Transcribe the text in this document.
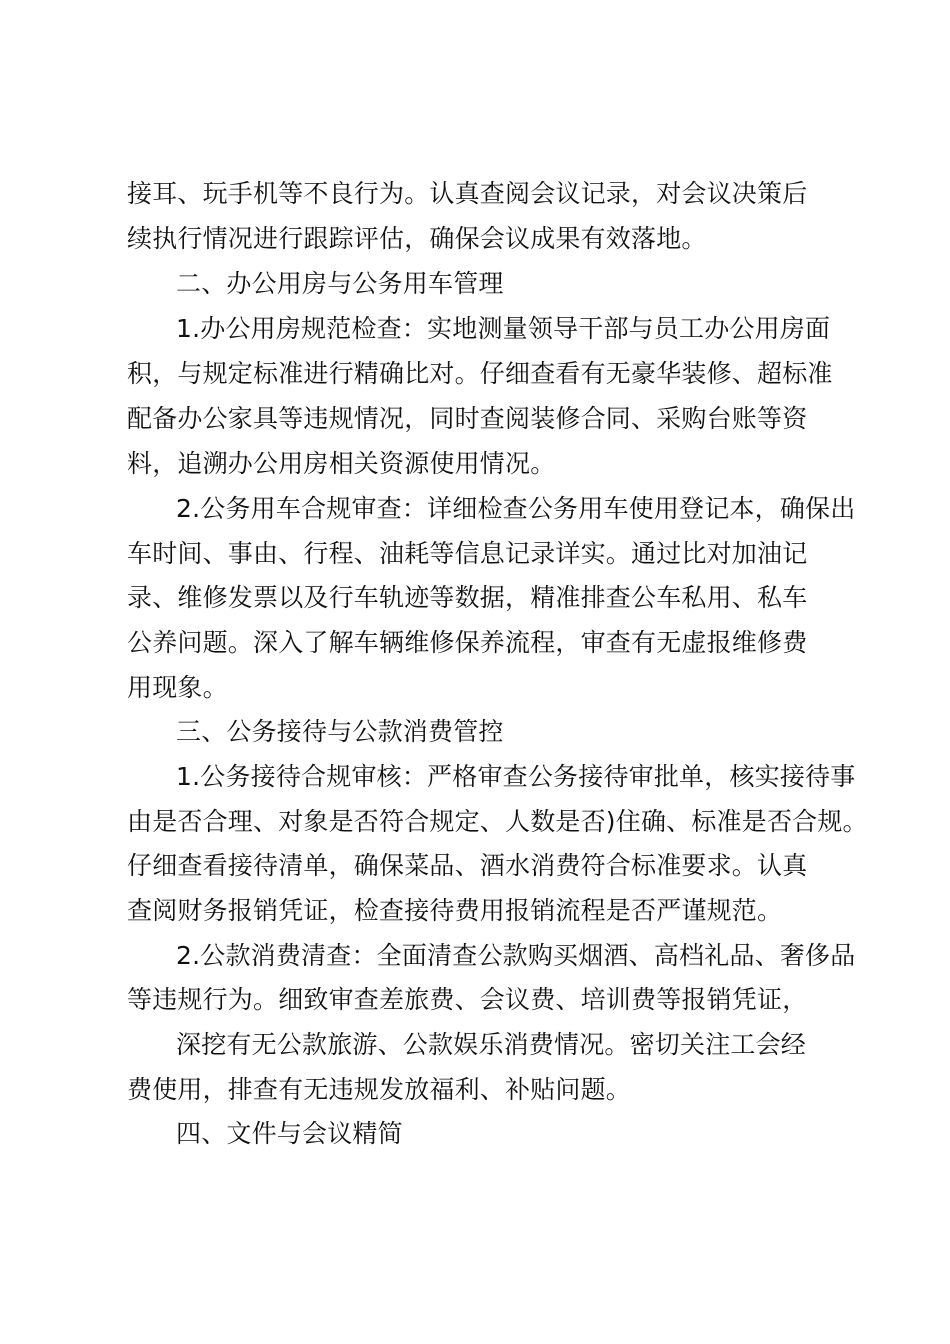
接耳、玩手机等不良行为。认真查阅会议记录，对会议决策后
续执行情况进行跟踪评估，确保会议成果有效落地。
二、办公用房与公务用车管理
1.办公用房规范检查：实地测量领导干部与员工办公用房面
积，与规定标准进行精确比对。仔细查看有无豪华装修、超标准
配备办公家具等违规情况，同时查阅装修合同、采购台账等资
料，追溯办公用房相关资源使用情况。
2.公务用车合规审查：详细检查公务用车使用登记本，确保出
车时间、事由、行程、油耗等信息记录详实。通过比对加油记
录、维修发票以及行车轨迹等数据，精准排查公车私用、私车
公养问题。深入了解车辆维修保养流程，审查有无虚报维修费
用现象。
三、公务接待与公款消费管控
1.公务接待合规审核：严格审查公务接待审批单，核实接待事
由是否合理、对象是否符合规定、人数是否)住确、标准是否合规。
仔细查看接待清单，确保菜品、酒水消费符合标准要求。认真
查阅财务报销凭证，检查接待费用报销流程是否严谨规范。
2.公款消费清查：全面清查公款购买烟酒、高档礼品、奢侈品
等违规行为。细致审查差旅费、会议费、培训费等报销凭证，
深挖有无公款旅游、公款娱乐消费情况。密切关注工会经
费使用，排查有无违规发放福利、补贴问题。
四、文件与会议精简
